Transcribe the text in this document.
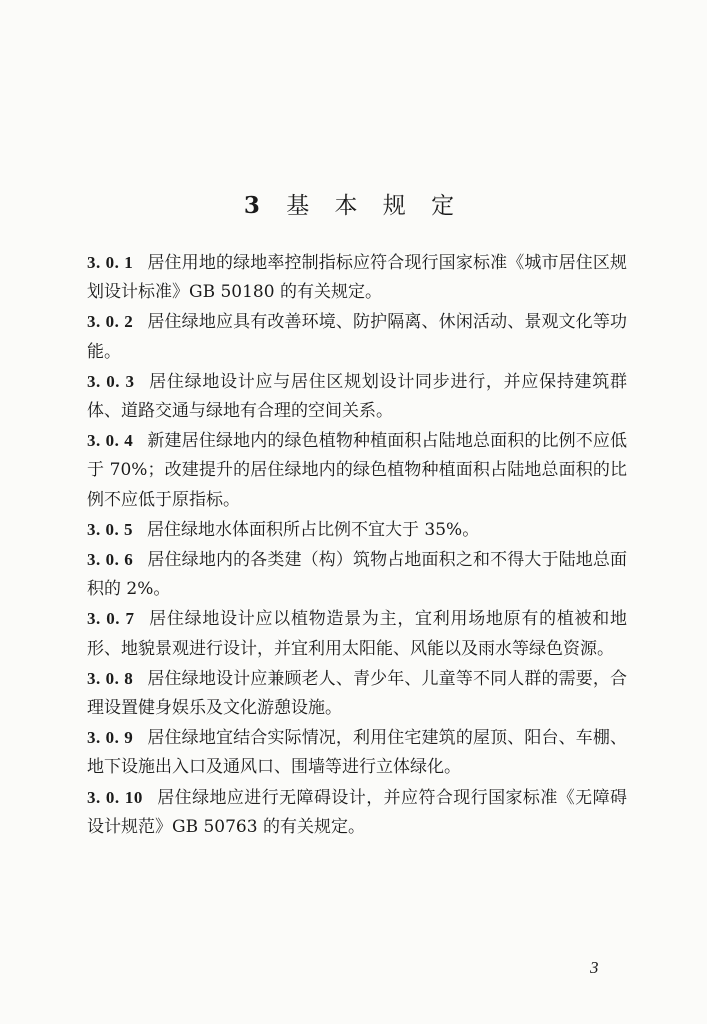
3 基 本 规 定

3. 0. 1 居住用地的绿地率控制指标应符合现行国家标准《城市居住区规划设计标准》GB 50180 的有关规定。

3. 0. 2 居住绿地应具有改善环境、防护隔离、休闲活动、景观文化等功能。

3. 0. 3 居住绿地设计应与居住区规划设计同步进行，并应保持建筑群体、道路交通与绿地有合理的空间关系。

3. 0. 4 新建居住绿地内的绿色植物种植面积占陆地总面积的比例不应低于 70%；改建提升的居住绿地内的绿色植物种植面积占陆地总面积的比例不应低于原指标。

3. 0. 5 居住绿地水体面积所占比例不宜大于 35%。

3. 0. 6 居住绿地内的各类建（构）筑物占地面积之和不得大于陆地总面积的 2%。

3. 0. 7 居住绿地设计应以植物造景为主，宜利用场地原有的植被和地形、地貌景观进行设计，并宜利用太阳能、风能以及雨水等绿色资源。

3. 0. 8 居住绿地设计应兼顾老人、青少年、儿童等不同人群的需要，合理设置健身娱乐及文化游憩设施。

3. 0. 9 居住绿地宜结合实际情况，利用住宅建筑的屋顶、阳台、车棚、地下设施出入口及通风口、围墙等进行立体绿化。

3. 0. 10 居住绿地应进行无障碍设计，并应符合现行国家标准《无障碍设计规范》GB 50763 的有关规定。

3
